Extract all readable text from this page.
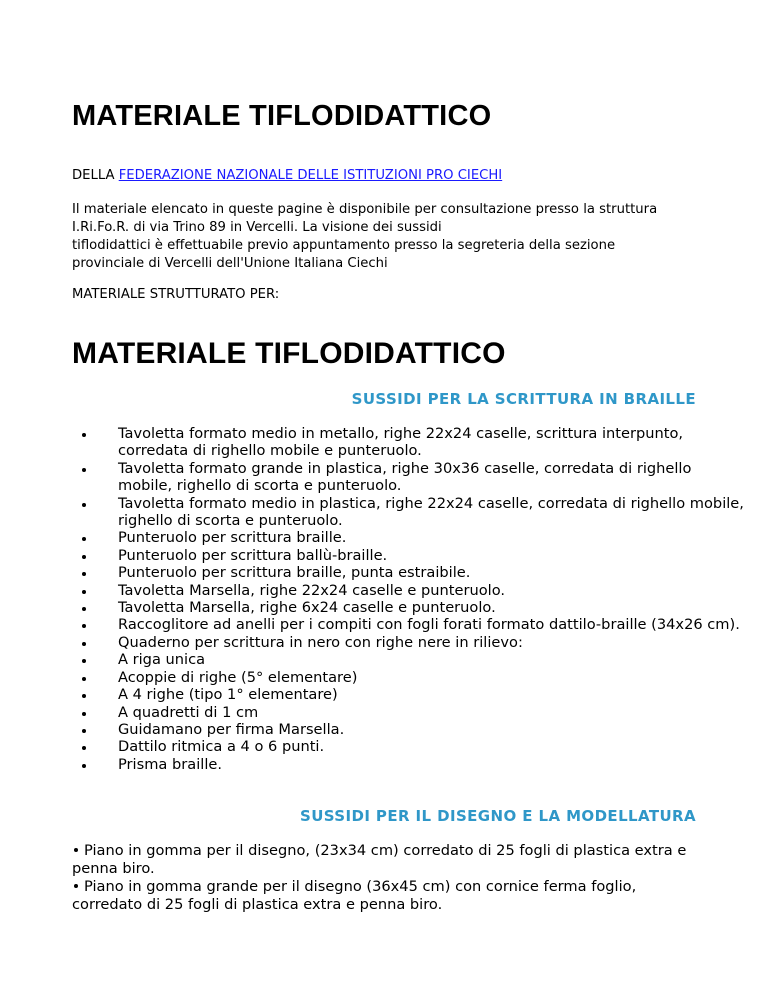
MATERIALE TIFLODIDATTICO
DELLA FEDERAZIONE NAZIONALE DELLE ISTITUZIONI PRO CIECHI
Il materiale elencato in queste pagine è disponibile per consultazione presso la struttura
I.Ri.Fo.R. di via Trino 89 in Vercelli. La visione dei sussidi
tiflodidattici è effettuabile previo appuntamento presso la segreteria della sezione
provinciale di Vercelli dell'Unione Italiana Ciechi
MATERIALE STRUTTURATO PER:
MATERIALE TIFLODIDATTICO
SUSSIDI PER LA SCRITTURA IN BRAILLE
Tavoletta formato medio in metallo, righe 22x24 caselle, scrittura interpunto, corredata di righello mobile e punteruolo.
Tavoletta formato grande in plastica, righe 30x36 caselle, corredata di righello mobile, righello di scorta e punteruolo.
Tavoletta formato medio in plastica, righe 22x24 caselle, corredata di righello mobile, righello di scorta e punteruolo.
Punteruolo per scrittura braille.
Punteruolo per scrittura ballù-braille.
Punteruolo per scrittura braille, punta estraibile.
Tavoletta Marsella, righe 22x24 caselle e punteruolo.
Tavoletta Marsella, righe 6x24 caselle e punteruolo.
Raccoglitore ad anelli per i compiti con fogli forati formato dattilo-braille (34x26 cm).
Quaderno per scrittura in nero con righe nere in rilievo:
A riga unica
Acoppie di righe (5° elementare)
A 4 righe (tipo 1° elementare)
A quadretti di 1 cm
Guidamano per firma Marsella.
Dattilo ritmica a 4 o 6 punti.
Prisma braille.
SUSSIDI PER IL DISEGNO E LA MODELLATURA
Piano in gomma per il disegno, (23x34 cm) corredato di 25 fogli di plastica extra e penna biro.
Piano in gomma grande per il disegno (36x45 cm) con cornice ferma foglio, corredato di 25 fogli di plastica extra e penna biro.
